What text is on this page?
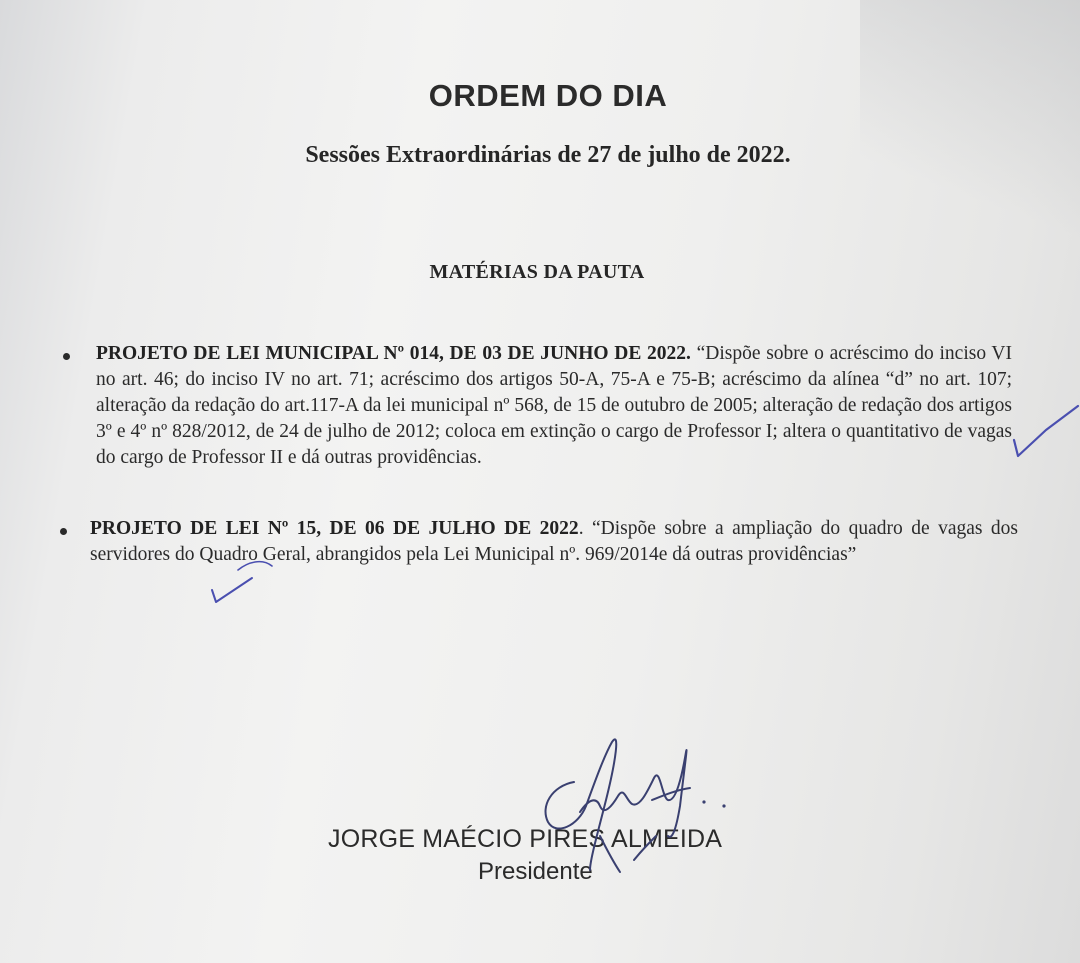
ORDEM DO DIA
Sessões Extraordinárias de 27 de julho de 2022.
MATÉRIAS DA PAUTA

PROJETO DE LEI MUNICIPAL Nº 014, DE 03 DE JUNHO DE 2022. “Dispõe sobre o acréscimo do inciso VI no art. 46; do inciso IV no art. 71; acréscimo dos artigos 50-A, 75-A e 75-B; acréscimo da alínea “d” no art. 107; alteração da redação do art.117-A da lei municipal nº 568, de 15 de outubro de 2005; alteração de redação dos artigos 3º e 4º nº 828/2012, de 24 de julho de 2012; coloca em extinção o cargo de Professor I; altera o quantitativo de vagas do cargo de Professor II e dá outras providências.

PROJETO DE LEI Nº 15, DE 06 DE JULHO DE 2022. “Dispõe sobre a ampliação do quadro de vagas dos servidores do Quadro Geral, abrangidos pela Lei Municipal nº. 969/2014e dá outras providências”

JORGE MAÉCIO PIRES ALMEIDA

Presidente
